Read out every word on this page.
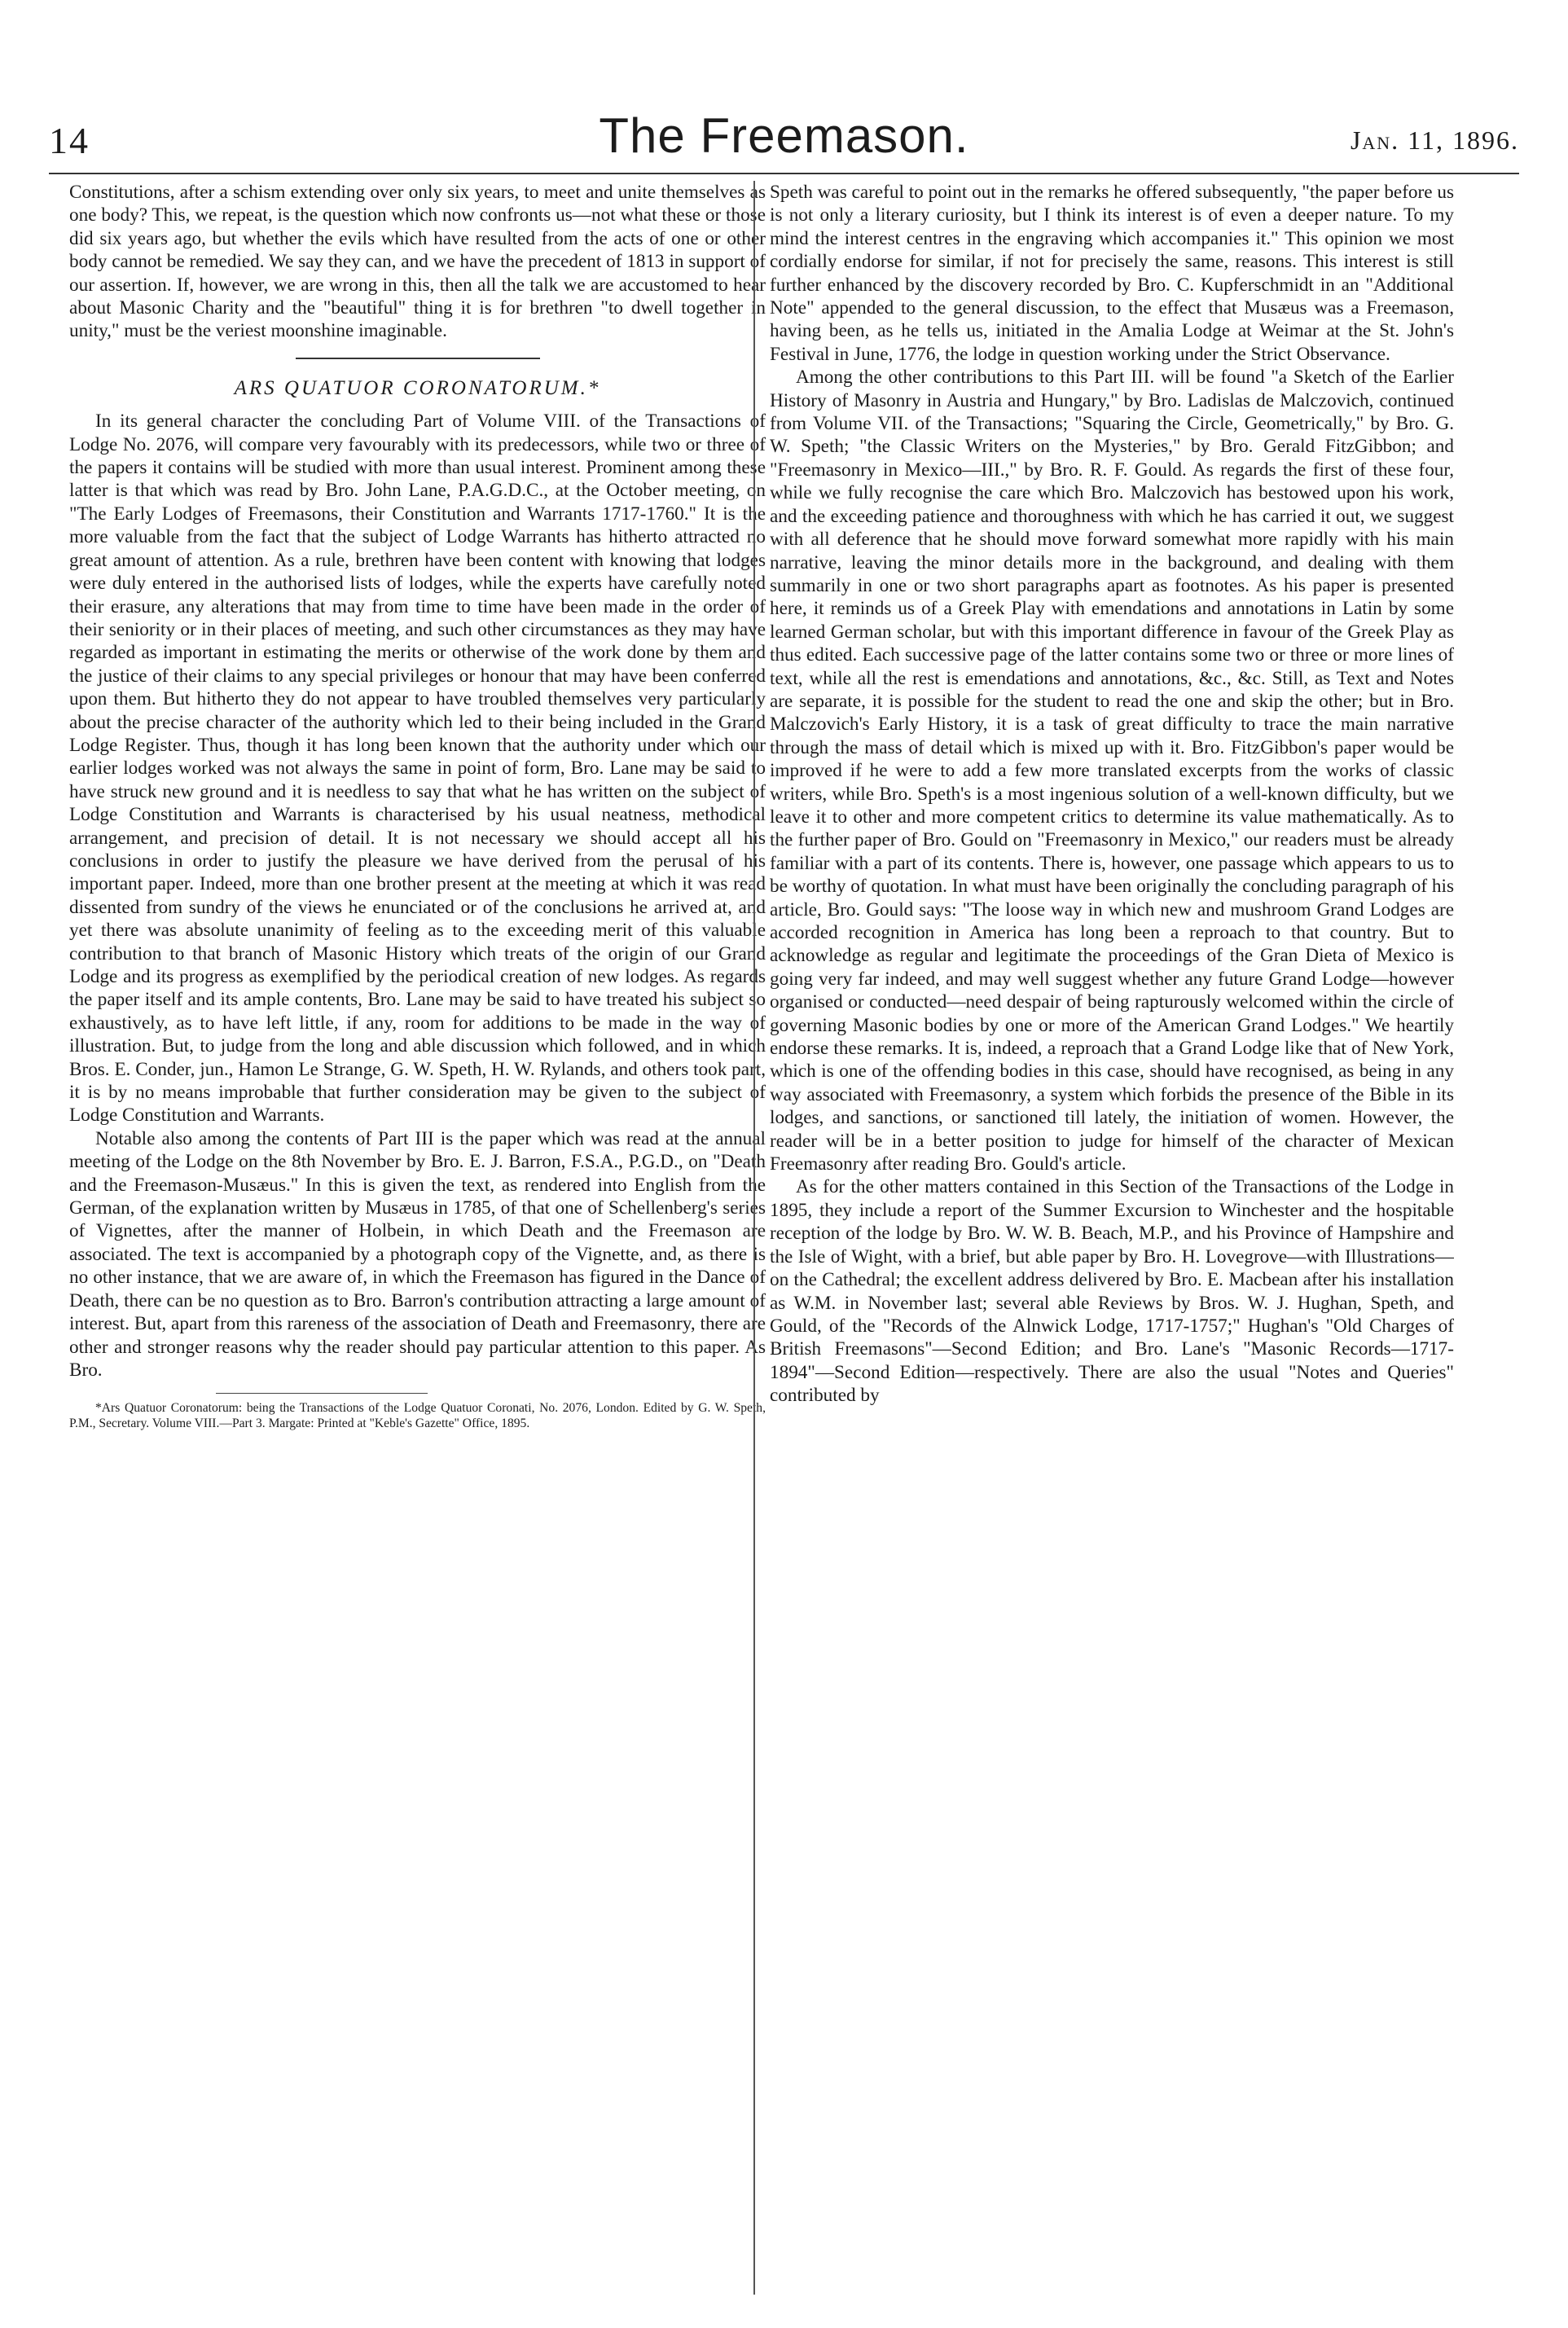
14	The Freemason.	Jan. 11, 1896.

Constitutions, after a schism extending over only six years, to meet and unite themselves as one body? This, we repeat, is the question which now confronts us—not what these or those did six years ago, but whether the evils which have resulted from the acts of one or other body cannot be remedied. We say they can, and we have the precedent of 1813 in support of our assertion. If, however, we are wrong in this, then all the talk we are accustomed to hear about Masonic Charity and the "beautiful" thing it is for brethren "to dwell together in unity," must be the veriest moonshine imaginable.

ARS QUATUOR CORONATORUM.*

In its general character the concluding Part of Volume VIII. of the Transactions of Lodge No. 2076, will compare very favourably with its predecessors, while two or three of the papers it contains will be studied with more than usual interest. Prominent among these latter is that which was read by Bro. John Lane, P.A.G.D.C., at the October meeting, on "The Early Lodges of Freemasons, their Constitution and Warrants 1717-1760." It is the more valuable from the fact that the subject of Lodge Warrants has hitherto attracted no great amount of attention. As a rule, brethren have been content with knowing that lodges were duly entered in the authorised lists of lodges, while the experts have carefully noted their erasure, any alterations that may from time to time have been made in the order of their seniority or in their places of meeting, and such other circumstances as they may have regarded as important in estimating the merits or otherwise of the work done by them and the justice of their claims to any special privileges or honour that may have been conferred upon them. But hitherto they do not appear to have troubled themselves very particularly about the precise character of the authority which led to their being included in the Grand Lodge Register. Thus, though it has long been known that the authority under which our earlier lodges worked was not always the same in point of form, Bro. Lane may be said to have struck new ground and it is needless to say that what he has written on the subject of Lodge Constitution and Warrants is characterised by his usual neatness, methodical arrangement, and precision of detail. It is not necessary we should accept all his conclusions in order to justify the pleasure we have derived from the perusal of his important paper. Indeed, more than one brother present at the meeting at which it was read dissented from sundry of the views he enunciated or of the conclusions he arrived at, and yet there was absolute unanimity of feeling as to the exceeding merit of this valuable contribution to that branch of Masonic History which treats of the origin of our Grand Lodge and its progress as exemplified by the periodical creation of new lodges. As regards the paper itself and its ample contents, Bro. Lane may be said to have treated his subject so exhaustively, as to have left little, if any, room for additions to be made in the way of illustration. But, to judge from the long and able discussion which followed, and in which Bros. E. Conder, jun., Hamon Le Strange, G. W. Speth, H. W. Rylands, and others took part, it is by no means improbable that further consideration may be given to the subject of Lodge Constitution and Warrants.

Notable also among the contents of Part III is the paper which was read at the annual meeting of the Lodge on the 8th November by Bro. E. J. Barron, F.S.A., P.G.D., on "Death and the Freemason-Musæus." In this is given the text, as rendered into English from the German, of the explanation written by Musæus in 1785, of that one of Schellenberg's series of Vignettes, after the manner of Holbein, in which Death and the Freemason are associated. The text is accompanied by a photograph copy of the Vignette, and, as there is no other instance, that we are aware of, in which the Freemason has figured in the Dance of Death, there can be no question as to Bro. Barron's contribution attracting a large amount of interest. But, apart from this rareness of the association of Death and Freemasonry, there are other and stronger reasons why the reader should pay particular attention to this paper. As Bro.

*Ars Quatuor Coronatorum: being the Transactions of the Lodge Quatuor Coronati, No. 2076, London. Edited by G. W. Speth, P.M., Secretary. Volume VIII.—Part 3. Margate: Printed at "Keble's Gazette" Office, 1895.

Speth was careful to point out in the remarks he offered subsequently, "the paper before us is not only a literary curiosity, but I think its interest is of even a deeper nature. To my mind the interest centres in the engraving which accompanies it." This opinion we most cordially endorse for similar, if not for precisely the same, reasons. This interest is still further enhanced by the discovery recorded by Bro. C. Kupferschmidt in an "Additional Note" appended to the general discussion, to the effect that Musæus was a Freemason, having been, as he tells us, initiated in the Amalia Lodge at Weimar at the St. John's Festival in June, 1776, the lodge in question working under the Strict Observance.

Among the other contributions to this Part III. will be found "a Sketch of the Earlier History of Masonry in Austria and Hungary," by Bro. Ladislas de Malczovich, continued from Volume VII. of the Transactions; "Squaring the Circle, Geometrically," by Bro. G. W. Speth; "the Classic Writers on the Mysteries," by Bro. Gerald FitzGibbon; and "Freemasonry in Mexico—III.," by Bro. R. F. Gould. As regards the first of these four, while we fully recognise the care which Bro. Malczovich has bestowed upon his work, and the exceeding patience and thoroughness with which he has carried it out, we suggest with all deference that he should move forward somewhat more rapidly with his main narrative, leaving the minor details more in the background, and dealing with them summarily in one or two short paragraphs apart as footnotes. As his paper is presented here, it reminds us of a Greek Play with emendations and annotations in Latin by some learned German scholar, but with this important difference in favour of the Greek Play as thus edited. Each successive page of the latter contains some two or three or more lines of text, while all the rest is emendations and annotations, &c., &c. Still, as Text and Notes are separate, it is possible for the student to read the one and skip the other; but in Bro. Malczovich's Early History, it is a task of great difficulty to trace the main narrative through the mass of detail which is mixed up with it. Bro. FitzGibbon's paper would be improved if he were to add a few more translated excerpts from the works of classic writers, while Bro. Speth's is a most ingenious solution of a well-known difficulty, but we leave it to other and more competent critics to determine its value mathematically. As to the further paper of Bro. Gould on "Freemasonry in Mexico," our readers must be already familiar with a part of its contents. There is, however, one passage which appears to us to be worthy of quotation. In what must have been originally the concluding paragraph of his article, Bro. Gould says: "The loose way in which new and mushroom Grand Lodges are accorded recognition in America has long been a reproach to that country. But to acknowledge as regular and legitimate the proceedings of the Gran Dieta of Mexico is going very far indeed, and may well suggest whether any future Grand Lodge—however organised or conducted—need despair of being rapturously welcomed within the circle of governing Masonic bodies by one or more of the American Grand Lodges." We heartily endorse these remarks. It is, indeed, a reproach that a Grand Lodge like that of New York, which is one of the offending bodies in this case, should have recognised, as being in any way associated with Freemasonry, a system which forbids the presence of the Bible in its lodges, and sanctions, or sanctioned till lately, the initiation of women. However, the reader will be in a better position to judge for himself of the character of Mexican Freemasonry after reading Bro. Gould's article.

As for the other matters contained in this Section of the Transactions of the Lodge in 1895, they include a report of the Summer Excursion to Winchester and the hospitable reception of the lodge by Bro. W. W. B. Beach, M.P., and his Province of Hampshire and the Isle of Wight, with a brief, but able paper by Bro. H. Lovegrove—with Illustrations—on the Cathedral; the excellent address delivered by Bro. E. Macbean after his installation as W.M. in November last; several able Reviews by Bros. W. J. Hughan, Speth, and Gould, of the "Records of the Alnwick Lodge, 1717-1757;" Hughan's "Old Charges of British Freemasons"—Second Edition; and Bro. Lane's "Masonic Records—1717-1894"—Second Edition—respectively. There are also the usual "Notes and Queries" contributed by
